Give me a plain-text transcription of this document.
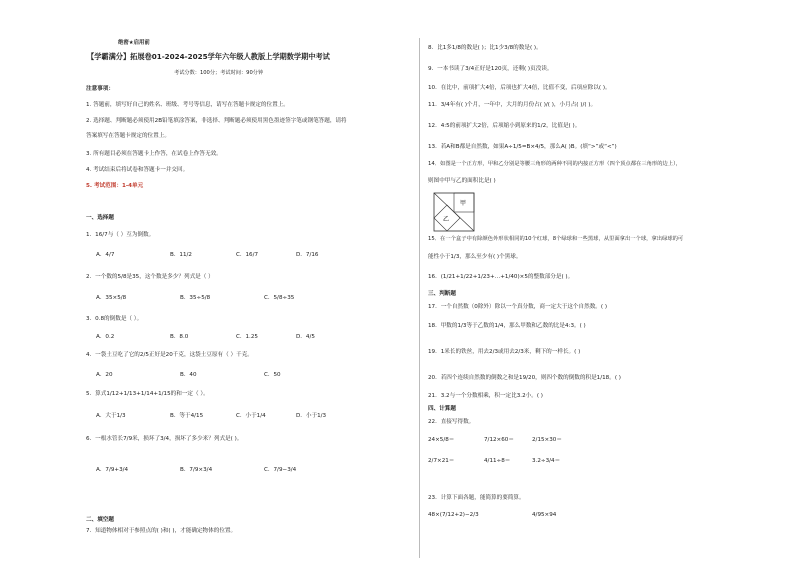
绝密★启用前
【学霸满分】拓展卷01-2024-2025学年六年级人教版上学期数学期中考试
考试分数：100分；考试时间：90分钟
注意事项：
1. 答题前，填写好自己的姓名、班级、考号等信息，请写在答题卡规定的位置上。
2. 选择题、判断题必须使用2B铅笔填涂答案，非选择、判断题必须使用黑色墨迹签字笔或钢笔答题，请将
答案填写在答题卡规定的位置上。
3. 所有题目必须在答题卡上作答，在试卷上作答无效。
4. 考试结束后将试卷和答题卡一并交回。
5. 考试范围：1-4单元
一、选择题
1．16/7与（ ）互为倒数。
A．4/7	B．11/2	C．16/7	D．7/16
2．一个数的5/8是35，这个数是多少？列式是（ ）
A．35×5/8	B．35÷5/8	C．5/8÷35
3．0.8的倒数是（ ）。
A．0.2	B．8.0	C．1.25	D．4/5
4．一袋土豆吃了它的2/5正好是20千克，这袋土豆原有（ ）千克。
A．20	B．40	C．50
5．算式1/12+1/13+1/14+1/15的和一定（ ）。
A．大于1/3	B．等于4/15	C．小于1/4	D．小于1/3
6．一根水管长7/9米，损坏了3/4，损坏了多少米？列式是( )。
A．7/9+3/4	B．7/9×3/4	C．7/9−3/4
二、填空题
7．知道物体相对于参照点的( )和( )，才能确定物体的位置。
8．比1多1/8的数是( )；比1少3/8的数是( )。
9．一本书读了3/4正好是120页，还剩( )页没读。
10．在比中，前项扩大4倍，后项也扩大4倍，比值不变，后项应除以( )。
11．3/4年有( )个月，一年中，大月的月份占( )/( )，小月占( )/( )。
12．4:5的前项扩大2倍，后项缩小到原来的1/2，比值是( )。
13．若A和B都是自然数，如果A÷1/5=B×4/5，那么A( )B。(填“>”或“<”)
14．如图是一个正方形，甲和乙分别是等腰三角形的两种不同的内接正方形（四个顶点都在三角形的边上），
则图中甲与乙的面积比是( )
甲
乙
15．在一个盒子中有除颜色外形状相同的10个红球，8个绿球和一些黑球，从里面拿出一个球，拿出绿球的可
能性小于1/3，那么至少有( )个黑球。
16．(1/21+1/22+1/23+…+1/40)×5的整数部分是( )。
三、判断题
17．一个自然数（0除外）除以一个真分数，商一定大于这个自然数。( )
18．甲数的1/3等于乙数的1/4，那么甲数和乙数的比是4:3。( )
19．1米长的铁丝，用去2/3或用去2/3米，剩下的一样长。( )
20．若四个连续自然数的倒数之和是19/20，则四个数的倒数的积是1/18。( )
21．3.2与一个分数相乘，积一定比3.2小。( )
四、计算题
22．直接写得数。
24×5/8＝	7/12×60＝	2/15×30＝
2/7×21＝	4/11÷8＝	3.2÷3/4＝
23．计算下面各题，能简算的要简算。
48×(7/12+2)−2/3	4/95×94
